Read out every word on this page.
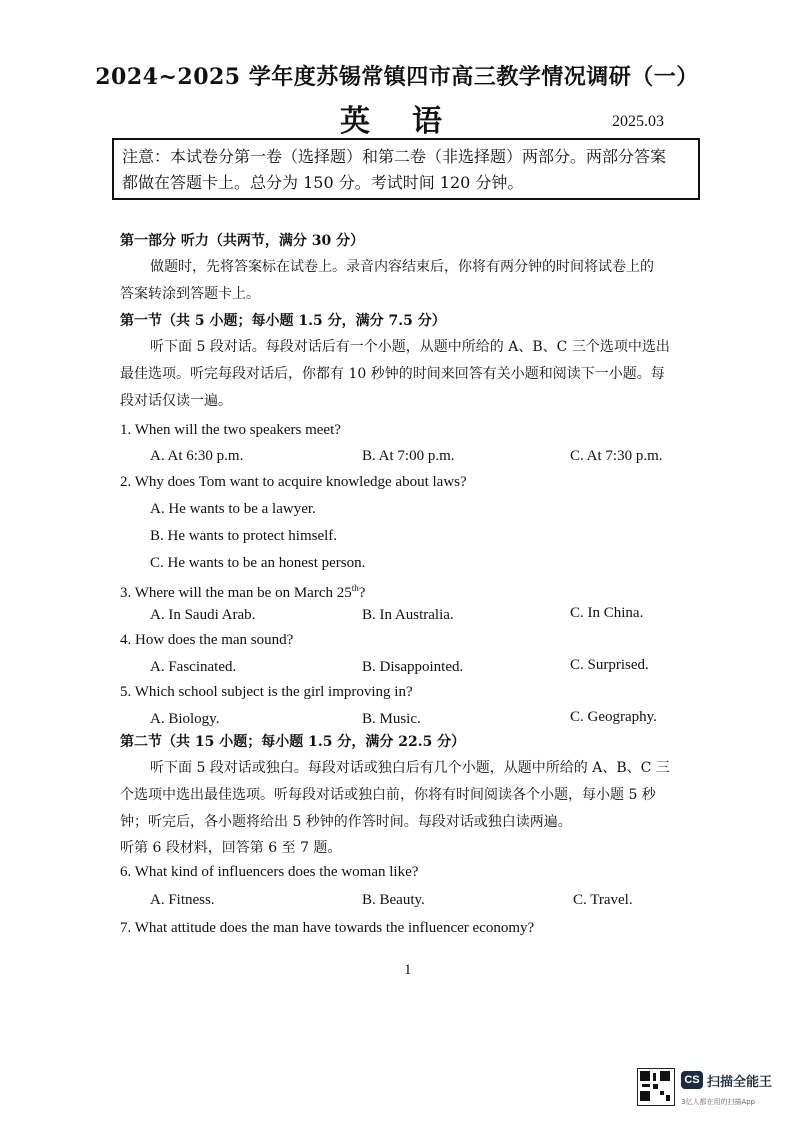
2024~2025 学年度苏锡常镇四市高三教学情况调研（一）
英语	2025.03
注意：本试卷分第一卷（选择题）和第二卷（非选择题）两部分。两部分答案
都做在答题卡上。总分为 150 分。考试时间 120 分钟。
第一部分 听力（共两节，满分 30 分）
做题时，先将答案标在试卷上。录音内容结束后，你将有两分钟的时间将试卷上的
答案转涂到答题卡上。
第一节（共 5 小题；每小题 1.5 分，满分 7.5 分）
听下面 5 段对话。每段对话后有一个小题，从题中所给的 A、B、C 三个选项中选出
最佳选项。听完每段对话后，你都有 10 秒钟的时间来回答有关小题和阅读下一小题。每
段对话仅读一遍。
1. When will the two speakers meet?
A. At 6:30 p.m.	B. At 7:00 p.m.	C. At 7:30 p.m.
2. Why does Tom want to acquire knowledge about laws?
A. He wants to be a lawyer.
B. He wants to protect himself.
C. He wants to be an honest person.
3. Where will the man be on March 25th?
A. In Saudi Arab.	B. In Australia.	C. In China.
4. How does the man sound?
A. Fascinated.	B. Disappointed.	C. Surprised.
5. Which school subject is the girl improving in?
A. Biology.	B. Music.	C. Geography.
第二节（共 15 小题；每小题 1.5 分，满分 22.5 分）
听下面 5 段对话或独白。每段对话或独白后有几个小题，从题中所给的 A、B、C 三
个选项中选出最佳选项。听每段对话或独白前，你将有时间阅读各个小题，每小题 5 秒
钟；听完后，各小题将给出 5 秒钟的作答时间。每段对话或独白读两遍。
听第 6 段材料，回答第 6 至 7 题。
6. What kind of influencers does the woman like?
A. Fitness.	B. Beauty.	C. Travel.
7. What attitude does the man have towards the influencer economy?
1
CS 扫描全能王
3亿人都在用的扫描App
